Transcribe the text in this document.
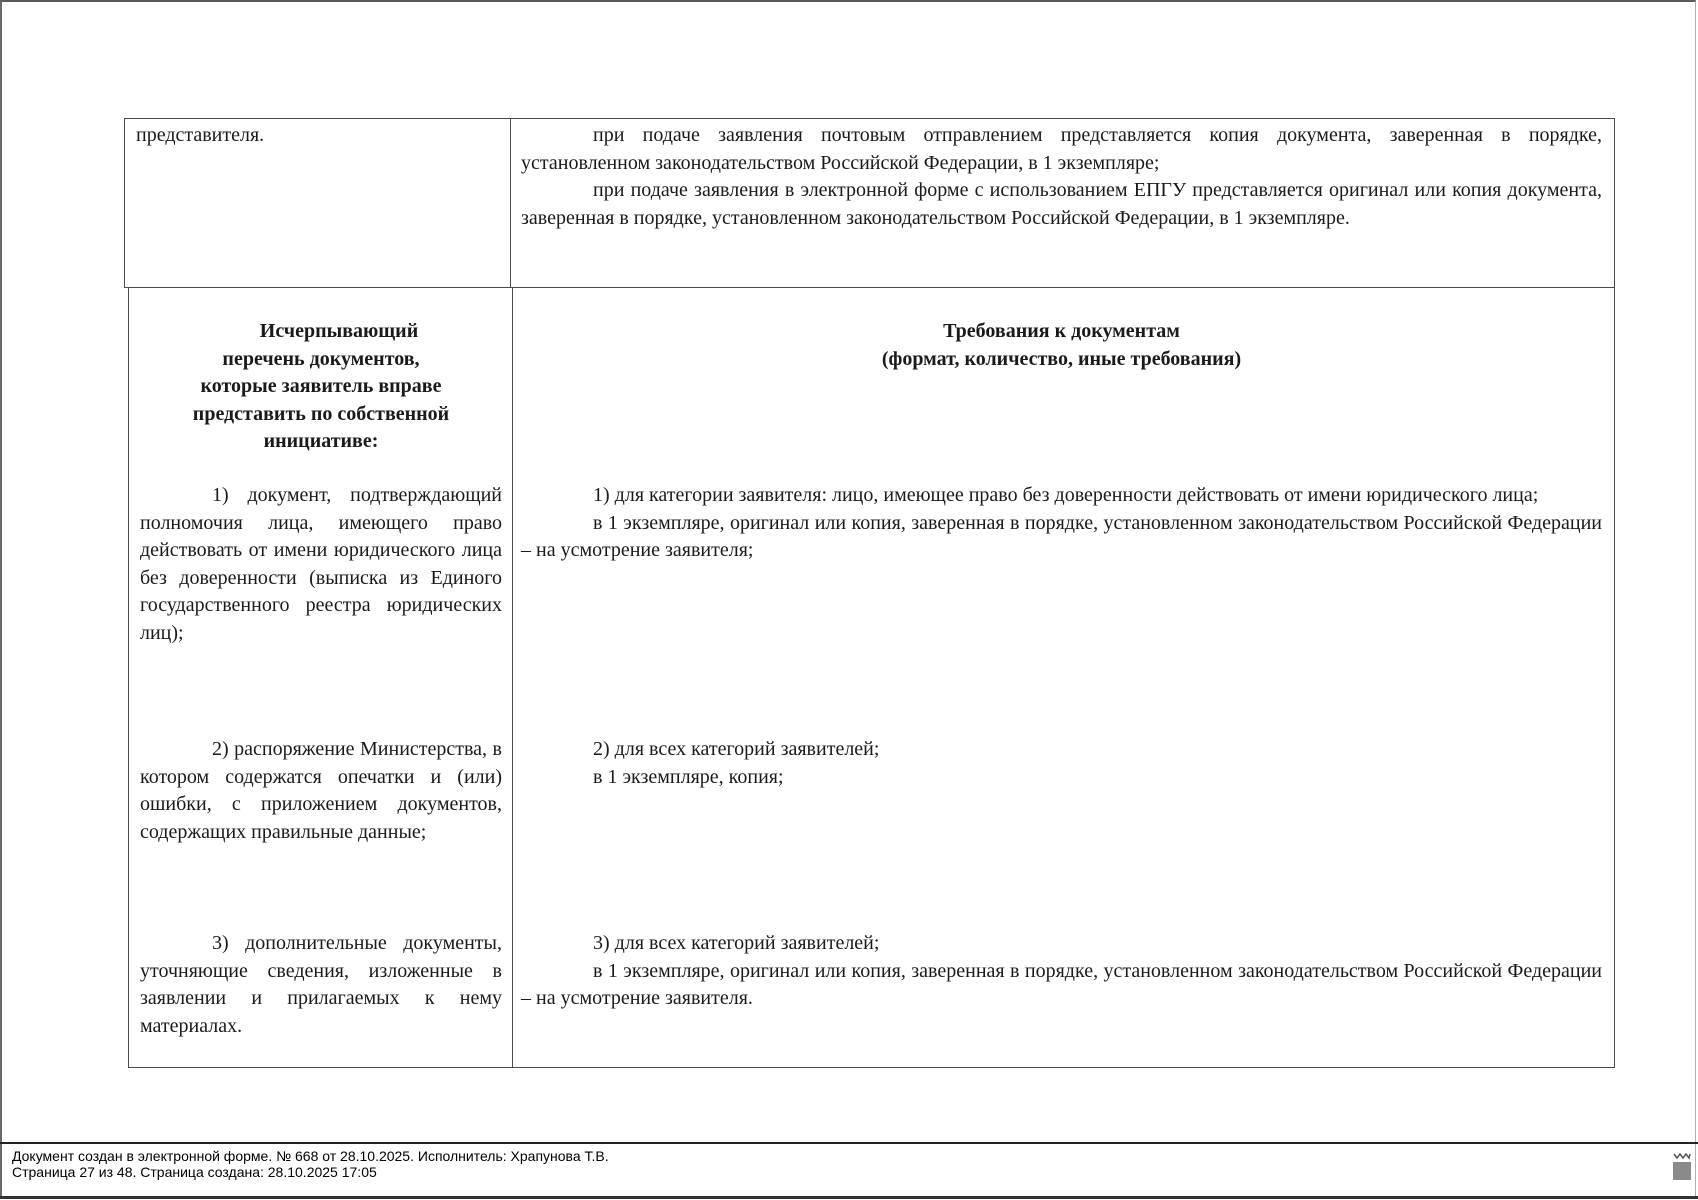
представителя.	при подаче заявления почтовым отправлением представляется копия документа, заверенная в порядке, установленном законодательством Российской Федерации, в 1 экземпляре;

при подаче заявления в электронной форме с использованием ЕПГУ представляется оригинал или копия документа, заверенная в порядке, установленном законодательством Российской Федерации, в 1 экземпляре.

Исчерпывающий

перечень документов,

которые заявитель вправе

представить по собственной

инициативе:

Требования к документам

(формат, количество, иные требования)

1) документ, подтверждающий полномочия лица, имеющего право действовать от имени юридического лица без доверенности (выписка из Единого государственного реестра юридических лиц);

1) для категории заявителя: лицо, имеющее право без доверенности действовать от имени юридического лица;

в 1 экземпляре, оригинал или копия, заверенная в порядке, установленном законодательством Российской Федерации – на усмотрение заявителя;

2) распоряжение Министерства, в котором содержатся опечатки и (или) ошибки, с приложением документов, содержащих правильные данные;

2) для всех категорий заявителей;

в 1 экземпляре, копия;

3) дополнительные документы, уточняющие сведения, изложенные в заявлении и прилагаемых к нему материалах.

3) для всех категорий заявителей;

в 1 экземпляре, оригинал или копия, заверенная в порядке, установленном законодательством Российской Федерации – на усмотрение заявителя.

Документ создан в электронной форме. № 668 от 28.10.2025. Исполнитель: Храпунова Т.В.
Страница 27 из 48. Страница создана: 28.10.2025 17:05
